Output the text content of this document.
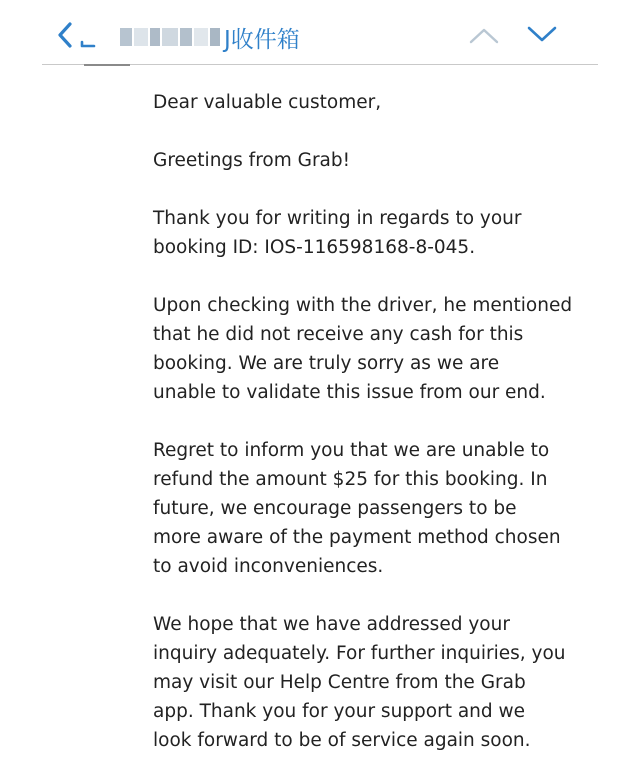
J收件箱

Dear valuable customer,

Greetings from Grab!

Thank you for writing in regards to your
booking ID: IOS-116598168-8-045.

Upon checking with the driver, he mentioned
that he did not receive any cash for this
booking. We are truly sorry as we are
unable to validate this issue from our end.

Regret to inform you that we are unable to
refund the amount $25 for this booking. In
future, we encourage passengers to be
more aware of the payment method chosen
to avoid inconveniences.

We hope that we have addressed your
inquiry adequately. For further inquiries, you
may visit our Help Centre from the Grab
app. Thank you for your support and we
look forward to be of service again soon.
